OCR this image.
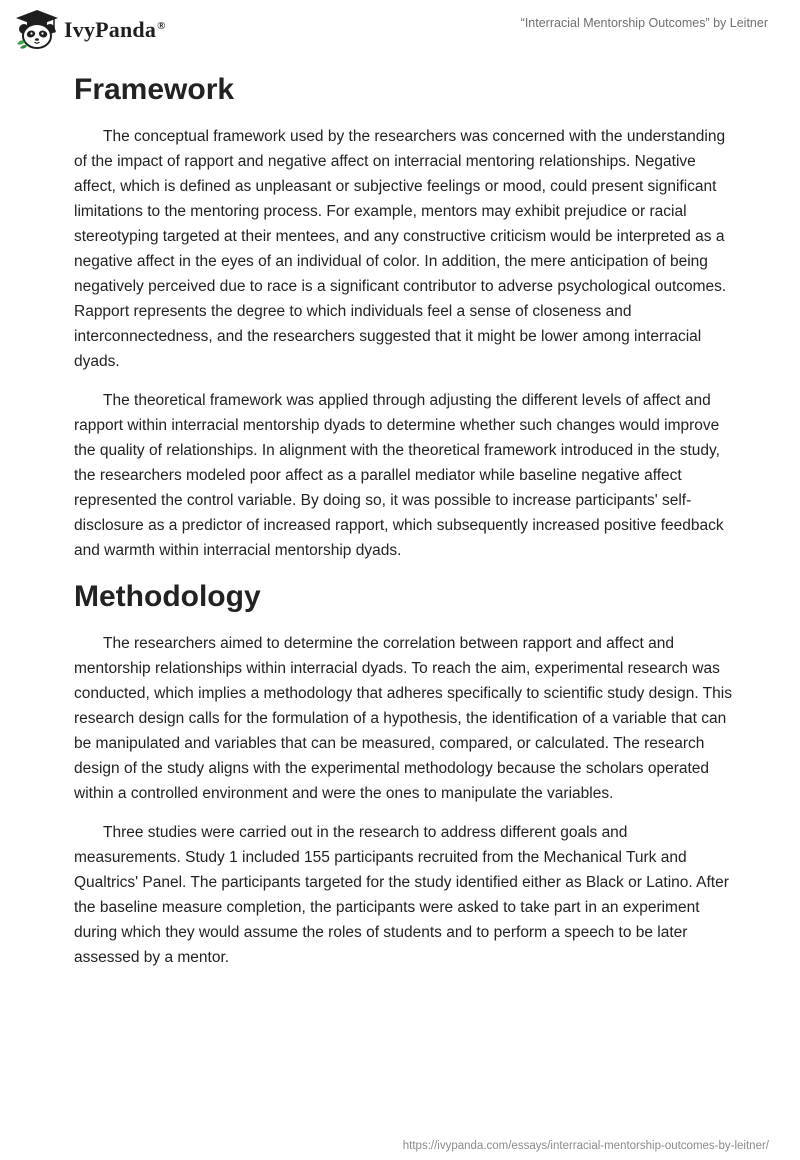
IvyPanda®	“Interracial Mentorship Outcomes” by Leitner
Framework

The conceptual framework used by the researchers was concerned with the understanding of the impact of rapport and negative affect on interracial mentoring relationships. Negative affect, which is defined as unpleasant or subjective feelings or mood, could present significant limitations to the mentoring process. For example, mentors may exhibit prejudice or racial stereotyping targeted at their mentees, and any constructive criticism would be interpreted as a negative affect in the eyes of an individual of color. In addition, the mere anticipation of being negatively perceived due to race is a significant contributor to adverse psychological outcomes. Rapport represents the degree to which individuals feel a sense of closeness and interconnectedness, and the researchers suggested that it might be lower among interracial dyads.

The theoretical framework was applied through adjusting the different levels of affect and rapport within interracial mentorship dyads to determine whether such changes would improve the quality of relationships. In alignment with the theoretical framework introduced in the study, the researchers modeled poor affect as a parallel mediator while baseline negative affect represented the control variable. By doing so, it was possible to increase participants' self-disclosure as a predictor of increased rapport, which subsequently increased positive feedback and warmth within interracial mentorship dyads.

Methodology

The researchers aimed to determine the correlation between rapport and affect and mentorship relationships within interracial dyads. To reach the aim, experimental research was conducted, which implies a methodology that adheres specifically to scientific study design. This research design calls for the formulation of a hypothesis, the identification of a variable that can be manipulated and variables that can be measured, compared, or calculated. The research design of the study aligns with the experimental methodology because the scholars operated within a controlled environment and were the ones to manipulate the variables.

Three studies were carried out in the research to address different goals and measurements. Study 1 included 155 participants recruited from the Mechanical Turk and Qualtrics' Panel. The participants targeted for the study identified either as Black or Latino. After the baseline measure completion, the participants were asked to take part in an experiment during which they would assume the roles of students and to perform a speech to be later assessed by a mentor.

https://ivypanda.com/essays/interracial-mentorship-outcomes-by-leitner/
